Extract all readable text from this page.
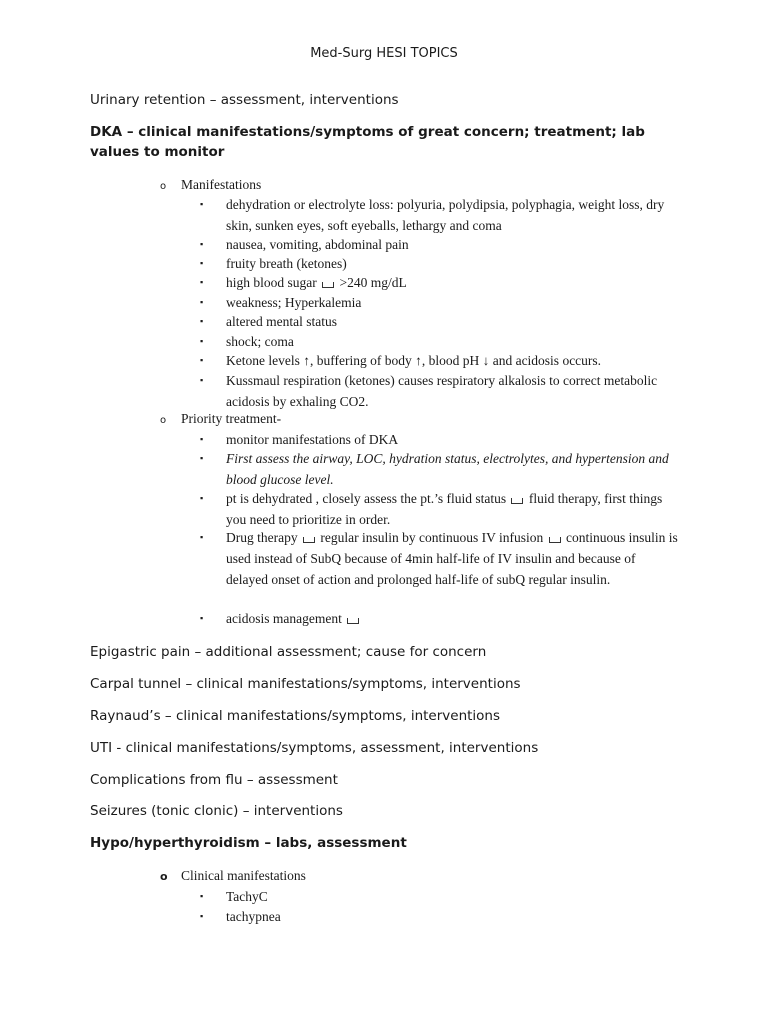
Med-Surg HESI TOPICS
Urinary retention – assessment, interventions
DKA – clinical manifestations/symptoms of great concern; treatment; lab values to monitor
o Manifestations
▪ dehydration or electrolyte loss: polyuria, polydipsia, polyphagia, weight loss, dry skin, sunken eyes, soft eyeballs, lethargy and coma
▪ nausea, vomiting, abdominal pain
▪ fruity breath (ketones)
▪ high blood sugar >240 mg/dL
▪ weakness; Hyperkalemia
▪ altered mental status
▪ shock; coma
▪ Ketone levels ↑, buffering of body ↑, blood pH ↓ and acidosis occurs.
▪ Kussmaul respiration (ketones) causes respiratory alkalosis to correct metabolic acidosis by exhaling CO2.
o Priority treatment-
▪ monitor manifestations of DKA
▪ First assess the airway, LOC, hydration status, electrolytes, and hypertension and blood glucose level.
▪ pt is dehydrated , closely assess the pt.’s fluid status fluid therapy, first things you need to prioritize in order.
▪ Drug therapy regular insulin by continuous IV infusion continuous insulin is used instead of SubQ because of 4min half-life of IV insulin and because of delayed onset of action and prolonged half-life of subQ regular insulin.
▪ acidosis management
Epigastric pain – additional assessment; cause for concern
Carpal tunnel – clinical manifestations/symptoms, interventions
Raynaud’s – clinical manifestations/symptoms, interventions
UTI - clinical manifestations/symptoms, assessment, interventions
Complications from flu – assessment
Seizures (tonic clonic) – interventions
Hypo/hyperthyroidism – labs, assessment
o Clinical manifestations
▪ TachyC
▪ tachypnea
